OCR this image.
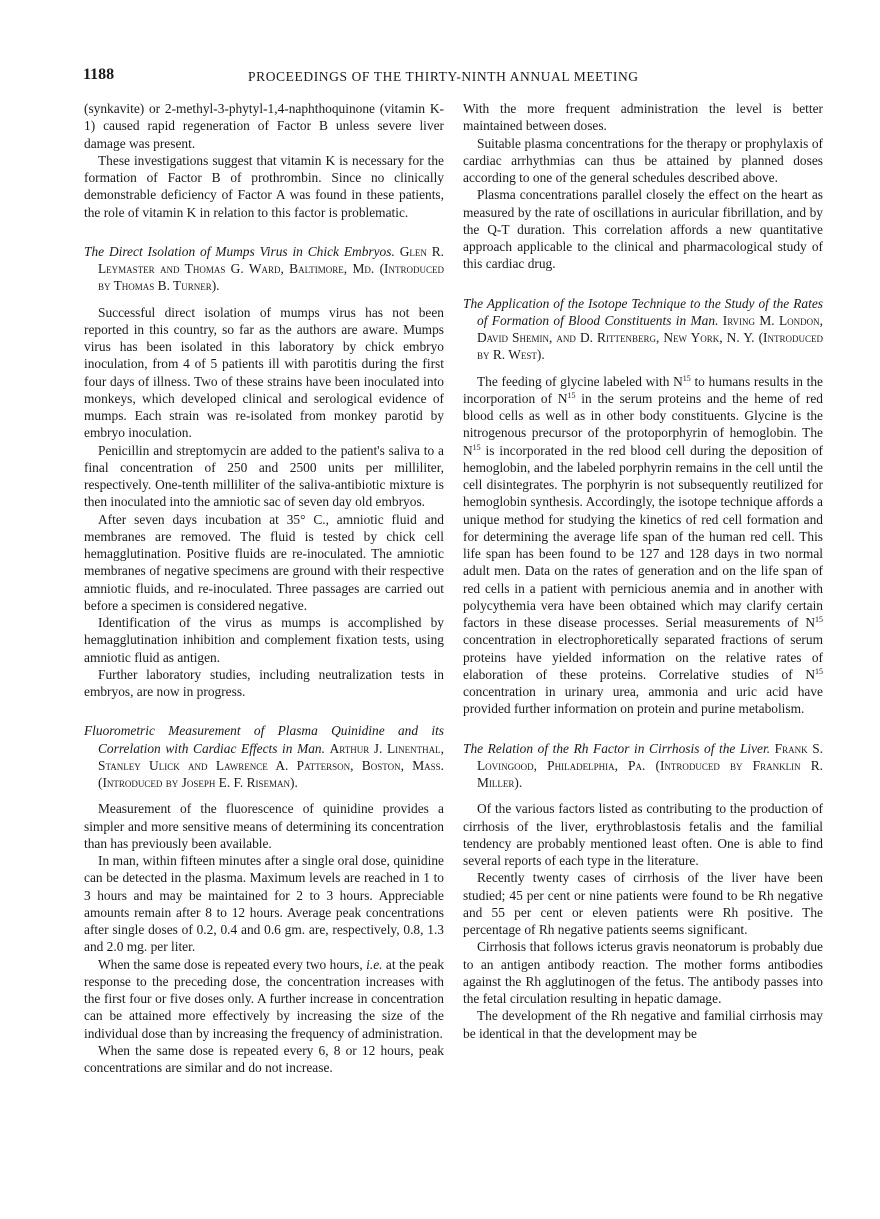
1188	PROCEEDINGS OF THE THIRTY-NINTH ANNUAL MEETING

(synkavite) or 2-methyl-3-phytyl-1,4-naphthoquinone (vitamin K-1) caused rapid regeneration of Factor B unless severe liver damage was present.

These investigations suggest that vitamin K is necessary for the formation of Factor B of prothrombin. Since no clinically demonstrable deficiency of Factor A was found in these patients, the role of vitamin K in relation to this factor is problematic.

The Direct Isolation of Mumps Virus in Chick Embryos. Glen R. Leymaster and Thomas G. Ward, Baltimore, Md. (Introduced by Thomas B. Turner).

Successful direct isolation of mumps virus has not been reported in this country, so far as the authors are aware. Mumps virus has been isolated in this laboratory by chick embryo inoculation, from 4 of 5 patients ill with parotitis during the first four days of illness. Two of these strains have been inoculated into monkeys, which developed clinical and serological evidence of mumps. Each strain was re-isolated from monkey parotid by embryo inoculation.

Penicillin and streptomycin are added to the patient's saliva to a final concentration of 250 and 2500 units per milliliter, respectively. One-tenth milliliter of the saliva-antibiotic mixture is then inoculated into the amniotic sac of seven day old embryos.

After seven days incubation at 35° C., amniotic fluid and membranes are removed. The fluid is tested by chick cell hemagglutination. Positive fluids are re-inoculated. The amniotic membranes of negative specimens are ground with their respective amniotic fluids, and re-inoculated. Three passages are carried out before a specimen is considered negative.

Identification of the virus as mumps is accomplished by hemagglutination inhibition and complement fixation tests, using amniotic fluid as antigen.

Further laboratory studies, including neutralization tests in embryos, are now in progress.

Fluorometric Measurement of Plasma Quinidine and its Correlation with Cardiac Effects in Man. Arthur J. Linenthal, Stanley Ulick and Lawrence A. Patterson, Boston, Mass. (Introduced by Joseph E. F. Riseman).

Measurement of the fluorescence of quinidine provides a simpler and more sensitive means of determining its concentration than has previously been available.

In man, within fifteen minutes after a single oral dose, quinidine can be detected in the plasma. Maximum levels are reached in 1 to 3 hours and may be maintained for 2 to 3 hours. Appreciable amounts remain after 8 to 12 hours. Average peak concentrations after single doses of 0.2, 0.4 and 0.6 gm. are, respectively, 0.8, 1.3 and 2.0 mg. per liter.

When the same dose is repeated every two hours, i.e. at the peak response to the preceding dose, the concentration increases with the first four or five doses only. A further increase in concentration can be attained more effectively by increasing the size of the individual dose than by increasing the frequency of administration.

When the same dose is repeated every 6, 8 or 12 hours, peak concentrations are similar and do not increase.

With the more frequent administration the level is better maintained between doses.

Suitable plasma concentrations for the therapy or prophylaxis of cardiac arrhythmias can thus be attained by planned doses according to one of the general schedules described above.

Plasma concentrations parallel closely the effect on the heart as measured by the rate of oscillations in auricular fibrillation, and by the Q-T duration. This correlation affords a new quantitative approach applicable to the clinical and pharmacological study of this cardiac drug.

The Application of the Isotope Technique to the Study of the Rates of Formation of Blood Constituents in Man. Irving M. London, David Shemin, and D. Rittenberg, New York, N. Y. (Introduced by R. West).

The feeding of glycine labeled with $N^{15}$ to humans results in the incorporation of $N^{15}$ in the serum proteins and the heme of red blood cells as well as in other body constituents. Glycine is the nitrogenous precursor of the protoporphyrin of hemoglobin. The $N^{15}$ is incorporated in the red blood cell during the deposition of hemoglobin, and the labeled porphyrin remains in the cell until the cell disintegrates. The porphyrin is not subsequently reutilized for hemoglobin synthesis. Accordingly, the isotope technique affords a unique method for studying the kinetics of red cell formation and for determining the average life span of the human red cell. This life span has been found to be 127 and 128 days in two normal adult men. Data on the rates of generation and on the life span of red cells in a patient with pernicious anemia and in another with polycythemia vera have been obtained which may clarify certain factors in these disease processes. Serial measurements of $N^{15}$ concentration in electrophoretically separated fractions of serum proteins have yielded information on the relative rates of elaboration of these proteins. Correlative studies of $N^{15}$ concentration in urinary urea, ammonia and uric acid have provided further information on protein and purine metabolism.

The Relation of the Rh Factor in Cirrhosis of the Liver. Frank S. Lovingood, Philadelphia, Pa. (Introduced by Franklin R. Miller).

Of the various factors listed as contributing to the production of cirrhosis of the liver, erythroblastosis fetalis and the familial tendency are probably mentioned least often. One is able to find several reports of each type in the literature.

Recently twenty cases of cirrhosis of the liver have been studied; 45 per cent or nine patients were found to be Rh negative and 55 per cent or eleven patients were Rh positive. The percentage of Rh negative patients seems significant.

Cirrhosis that follows icterus gravis neonatorum is probably due to an antigen antibody reaction. The mother forms antibodies against the Rh agglutinogen of the fetus. The antibody passes into the fetal circulation resulting in hepatic damage.

The development of the Rh negative and familial cirrhosis may be identical in that the development may be
